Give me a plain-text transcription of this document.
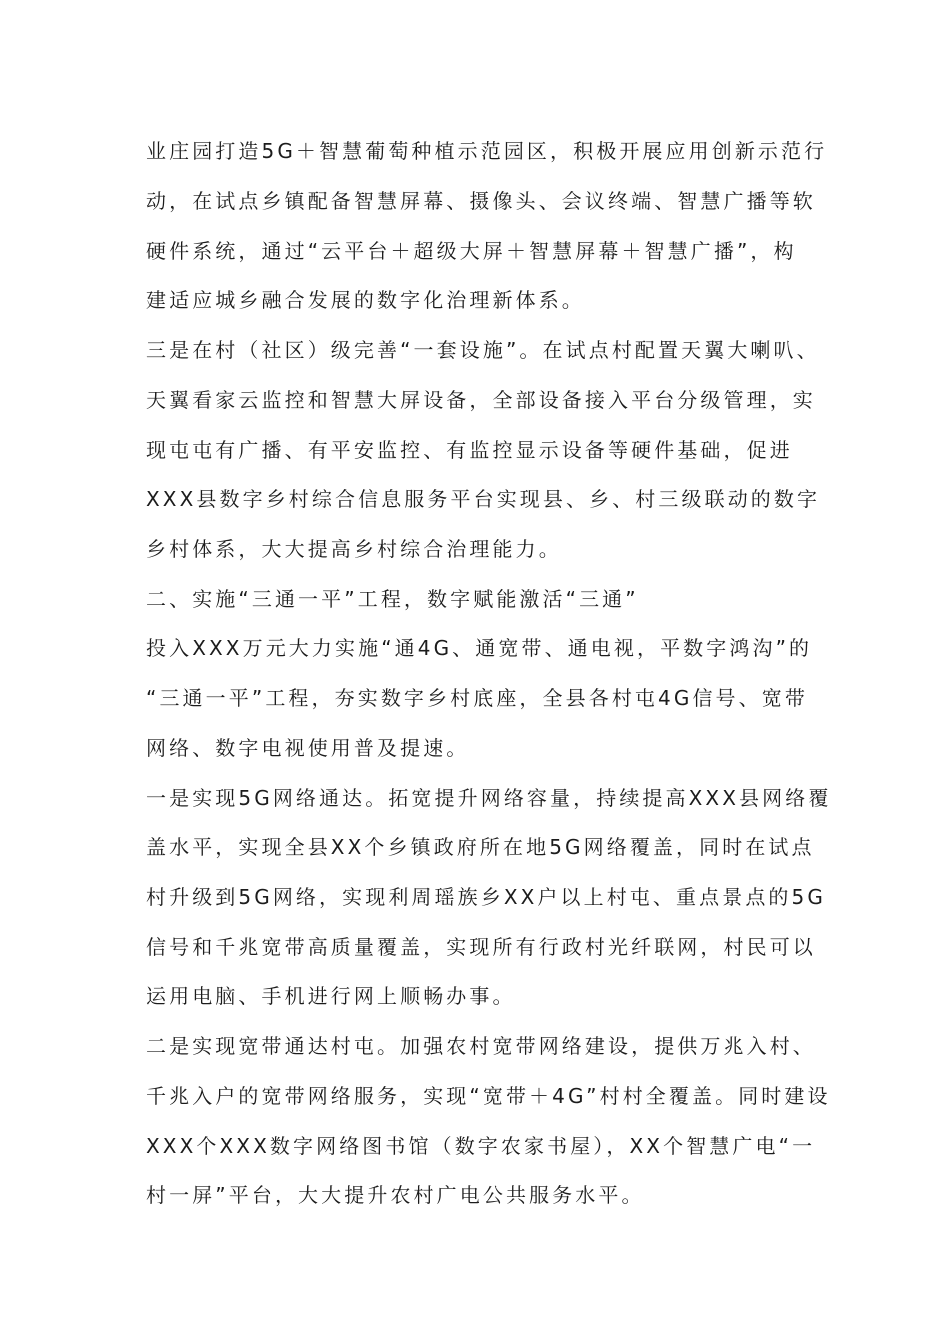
业庄园打造5G＋智慧葡萄种植示范园区，积极开展应用创新示范行
动，在试点乡镇配备智慧屏幕、摄像头、会议终端、智慧广播等软
硬件系统，通过“云平台＋超级大屏＋智慧屏幕＋智慧广播”，构
建适应城乡融合发展的数字化治理新体系。
三是在村（社区）级完善“一套设施”。在试点村配置天翼大喇叭、
天翼看家云监控和智慧大屏设备，全部设备接入平台分级管理，实
现屯屯有广播、有平安监控、有监控显示设备等硬件基础，促进
XXX县数字乡村综合信息服务平台实现县、乡、村三级联动的数字
乡村体系，大大提高乡村综合治理能力。
二、实施“三通一平”工程，数字赋能激活“三通”
投入XXX万元大力实施“通4G、通宽带、通电视，平数字鸿沟”的
“三通一平”工程，夯实数字乡村底座，全县各村屯4G信号、宽带
网络、数字电视使用普及提速。
一是实现5G网络通达。拓宽提升网络容量，持续提高XXX县网络覆
盖水平，实现全县XX个乡镇政府所在地5G网络覆盖，同时在试点
村升级到5G网络，实现利周瑶族乡XX户以上村屯、重点景点的5G
信号和千兆宽带高质量覆盖，实现所有行政村光纤联网，村民可以
运用电脑、手机进行网上顺畅办事。
二是实现宽带通达村屯。加强农村宽带网络建设，提供万兆入村、
千兆入户的宽带网络服务，实现“宽带＋4G”村村全覆盖。同时建设
XXX个XXX数字网络图书馆（数字农家书屋），XX个智慧广电“一
村一屏”平台，大大提升农村广电公共服务水平。
